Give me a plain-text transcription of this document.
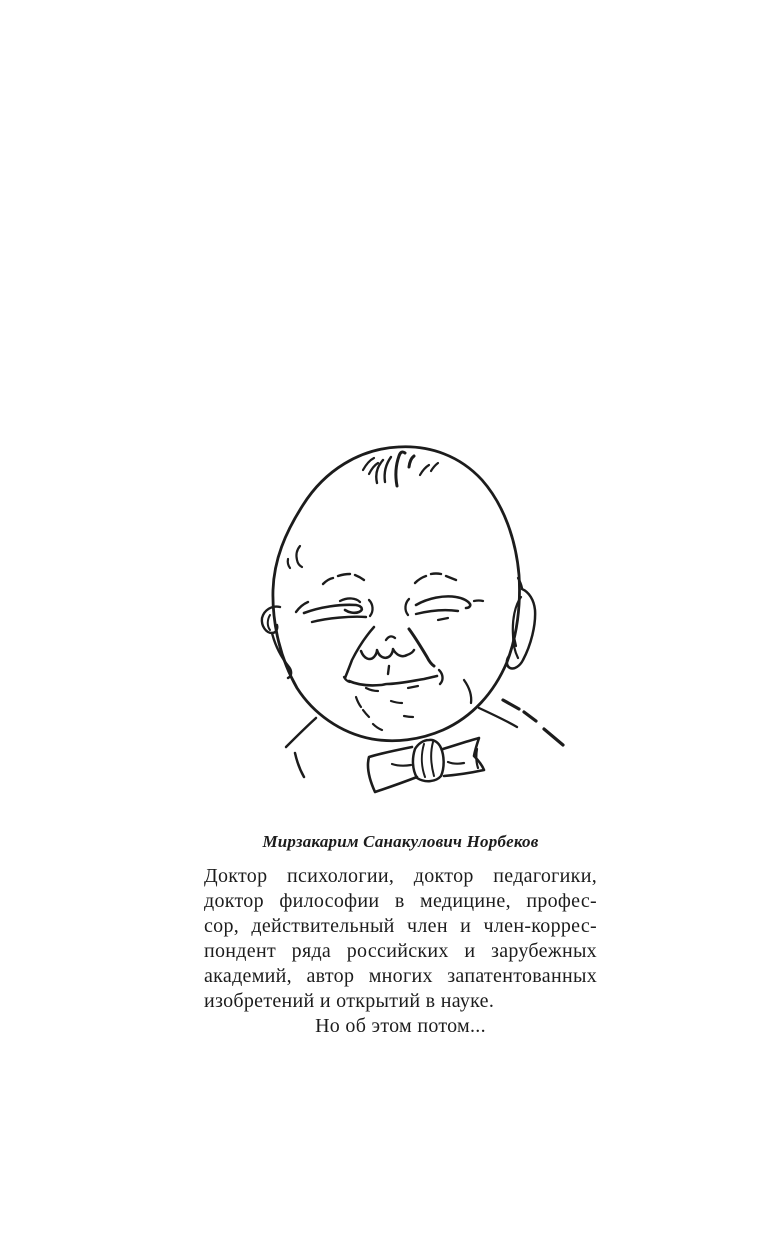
Мирзакарим Санакулович Норбеков
Доктор психологии, доктор педагогики,
доктор философии в медицине, профес-
сор, действительный член и член-коррес-
пондент ряда российских и зарубежных
академий, автор многих запатентованных
изобретений и открытий в науке.
Но об этом потом...
